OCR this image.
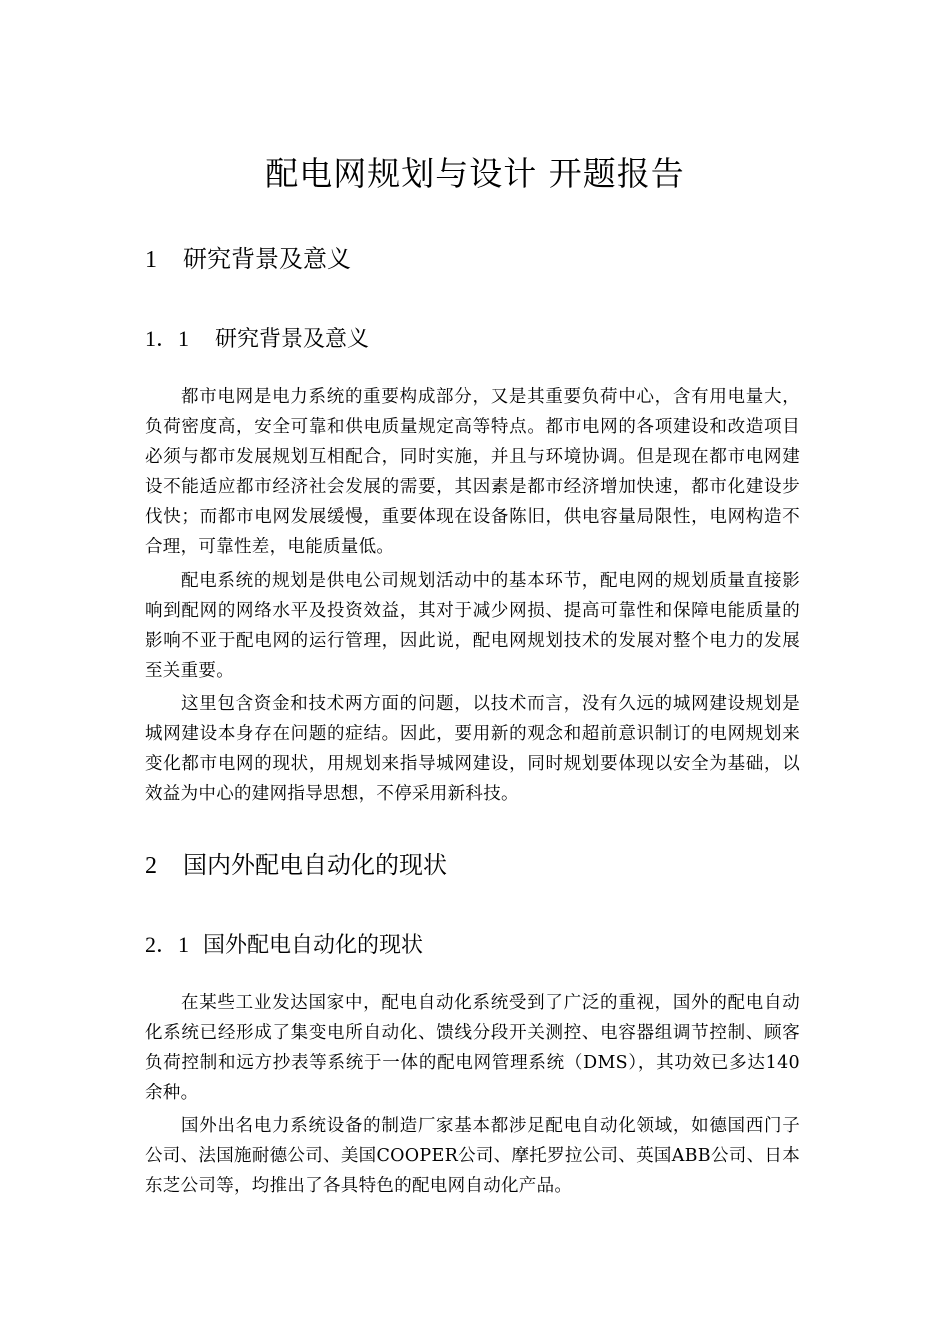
配电网规划与设计 开题报告
1 研究背景及意义
1．1 研究背景及意义

都市电网是电力系统的重要构成部分，又是其重要负荷中心，含有用电量大，负荷密度高，安全可靠和供电质量规定高等特点。都市电网的各项建设和改造项目必须与都市发展规划互相配合，同时实施，并且与环境协调。但是现在都市电网建设不能适应都市经济社会发展的需要，其因素是都市经济增加快速，都市化建设步伐快；而都市电网发展缓慢，重要体现在设备陈旧，供电容量局限性，电网构造不合理，可靠性差，电能质量低。

配电系统的规划是供电公司规划活动中的基本环节，配电网的规划质量直接影响到配网的网络水平及投资效益，其对于减少网损、提高可靠性和保障电能质量的影响不亚于配电网的运行管理，因此说，配电网规划技术的发展对整个电力的发展至关重要。

这里包含资金和技术两方面的问题，以技术而言，没有久远的城网建设规划是城网建设本身存在问题的症结。因此，要用新的观念和超前意识制订的电网规划来变化都市电网的现状，用规划来指导城网建设，同时规划要体现以安全为基础，以效益为中心的建网指导思想，不停采用新科技。

2 国内外配电自动化的现状
2．1 国外配电自动化的现状

在某些工业发达国家中，配电自动化系统受到了广泛的重视，国外的配电自动化系统已经形成了集变电所自动化、馈线分段开关测控、电容器组调节控制、顾客负荷控制和远方抄表等系统于一体的配电网管理系统（DMS），其功效已多达140余种。

国外出名电力系统设备的制造厂家基本都涉足配电自动化领域，如德国西门子公司、法国施耐德公司、美国COOPER公司、摩托罗拉公司、英国ABB公司、日本东芝公司等，均推出了各具特色的配电网自动化产品。
